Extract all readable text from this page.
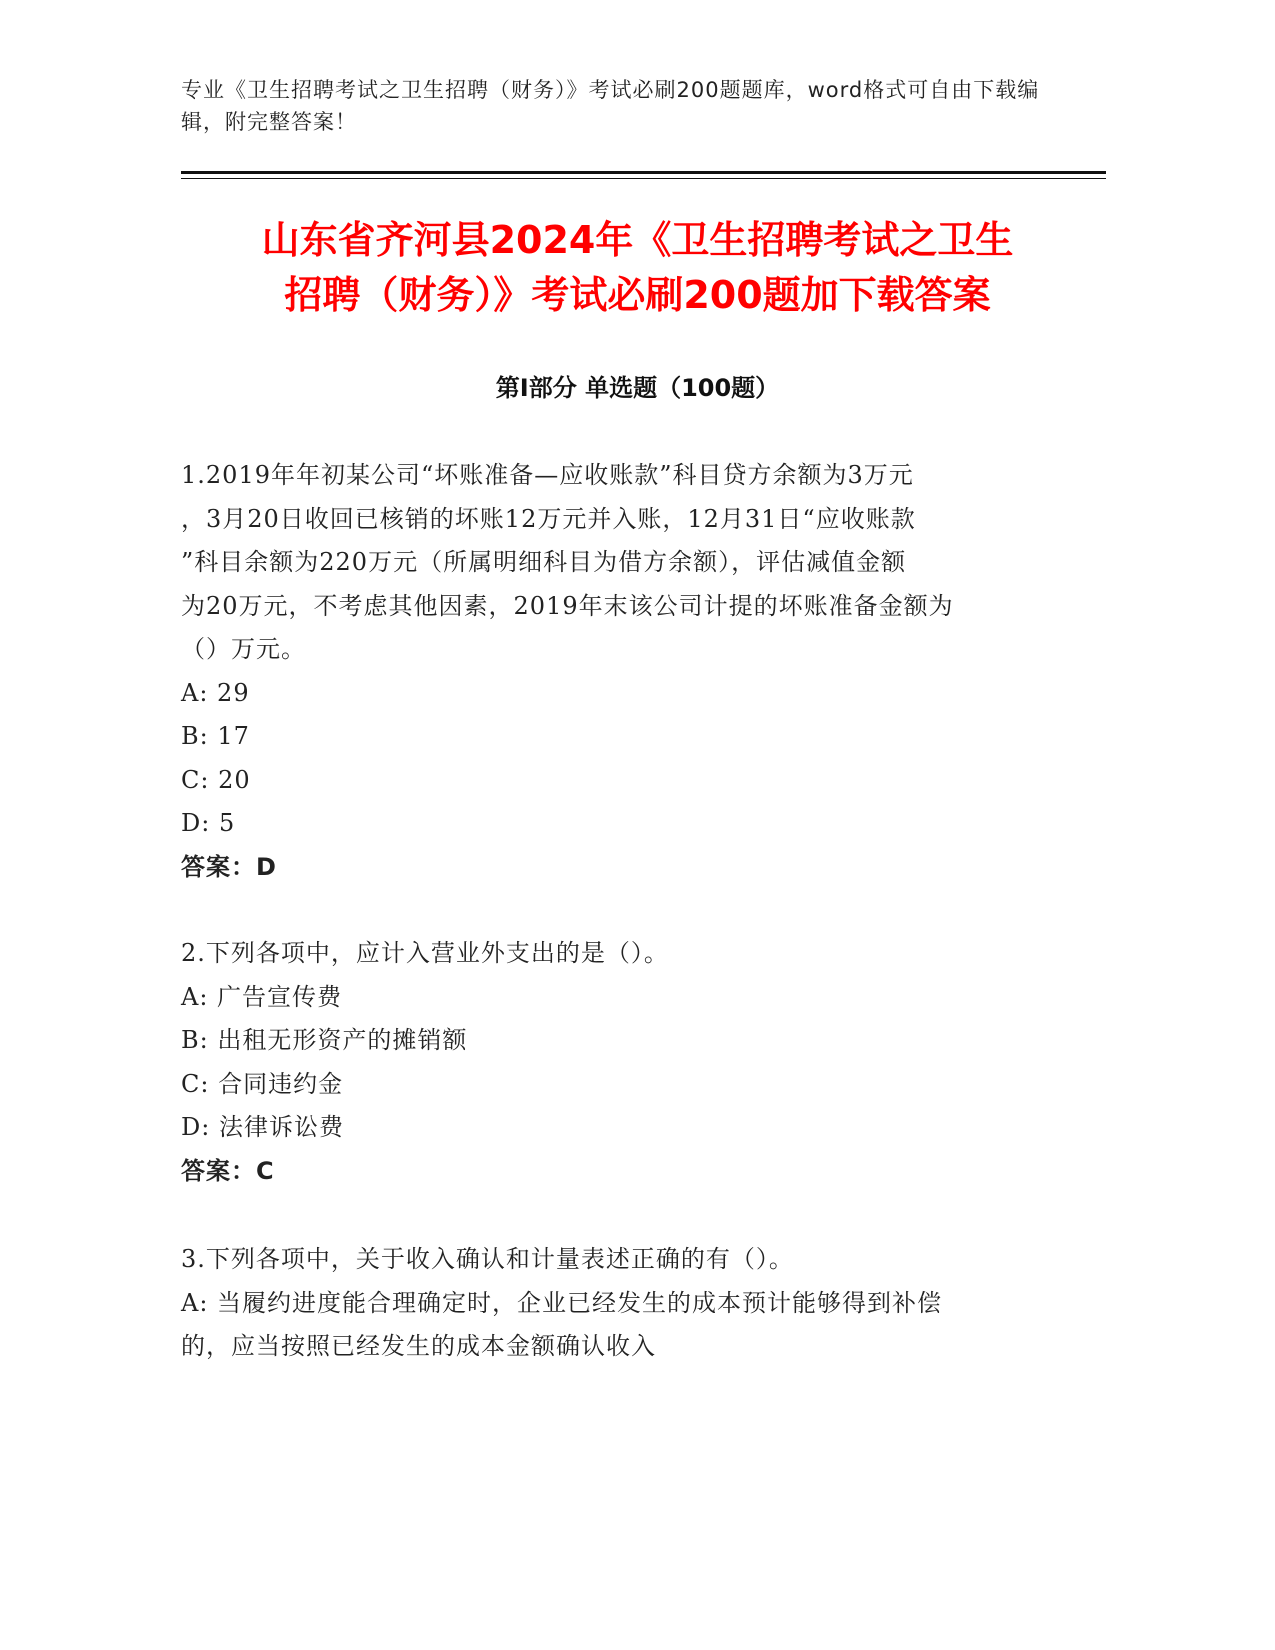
专业《卫生招聘考试之卫生招聘（财务）》考试必刷200题题库，word格式可自由下载编辑，附完整答案！
山东省齐河县2024年《卫生招聘考试之卫生
招聘（财务）》考试必刷200题加下载答案
第Ⅰ部分 单选题（100题）
1.2019年年初某公司“坏账准备—应收账款”科目贷方余额为3万元
，3月20日收回已核销的坏账12万元并入账，12月31日“应收账款
”科目余额为220万元（所属明细科目为借方余额），评估减值金额
为20万元，不考虑其他因素，2019年末该公司计提的坏账准备金额为
（）万元。
A: 29
B: 17
C: 20
D: 5
答案：D
2.下列各项中，应计入营业外支出的是（）。
A: 广告宣传费
B: 出租无形资产的摊销额
C: 合同违约金
D: 法律诉讼费
答案：C
3.下列各项中，关于收入确认和计量表述正确的有（）。
A: 当履约进度能合理确定时，企业已经发生的成本预计能够得到补偿
的，应当按照已经发生的成本金额确认收入
